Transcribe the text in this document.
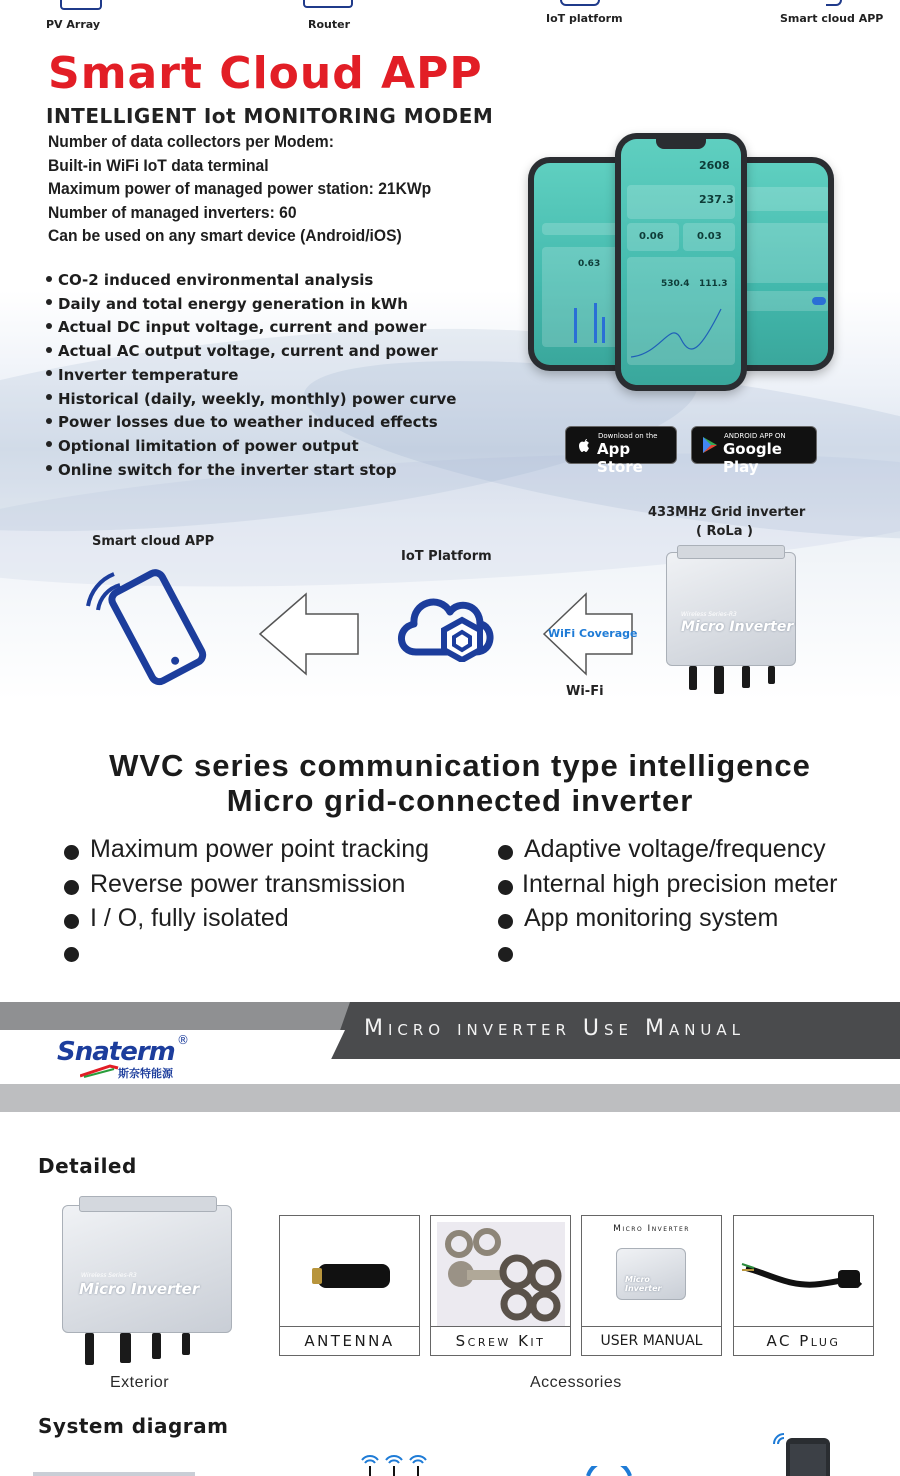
PV Array	Router	IoT platform	Smart cloud APP
Smart Cloud APP
INTELLIGENT Iot MONITORING MODEM
Number of data collectors per Modem:
Built-in WiFi IoT data terminal
Maximum power of managed power station: 21KWp
Number of managed inverters: 60
Can be used on any smart device (Android/iOS)
CO-2 induced environmental analysis
Daily and total energy generation in kWh
Actual DC input voltage, current and power
Actual AC output voltage, current and power
Inverter temperature
Historical (daily, weekly, monthly) power curve
Power losses due to weather induced effects
Optional limitation of power output
Online switch for the inverter start stop
0.63
2608
237.3
0.06	0.03
530.4 111.3
Download on the
App Store
ANDROID APP ON
Google Play
433MHz Grid inverter
( RoLa )
Smart cloud APP
IoT Platform
WiFi Coverage
Wi-Fi
Wireless Series-R3
Micro Inverter
WVC series communication type intelligence
Micro grid-connected inverter
Maximum power point tracking
Reverse power transmission
I / O, fully isolated
Adaptive voltage/frequency
Internal high precision meter
App monitoring system
Micro inverter Use Manual
Snaterm ®
斯奈特能源
Detailed
Wireless Series-R3
Micro Inverter
ANTENNA	Screw Kit
Micro Inverter
Micro Inverter
USER MANUAL	AC Plug
Exterior	Accessories
System diagram
